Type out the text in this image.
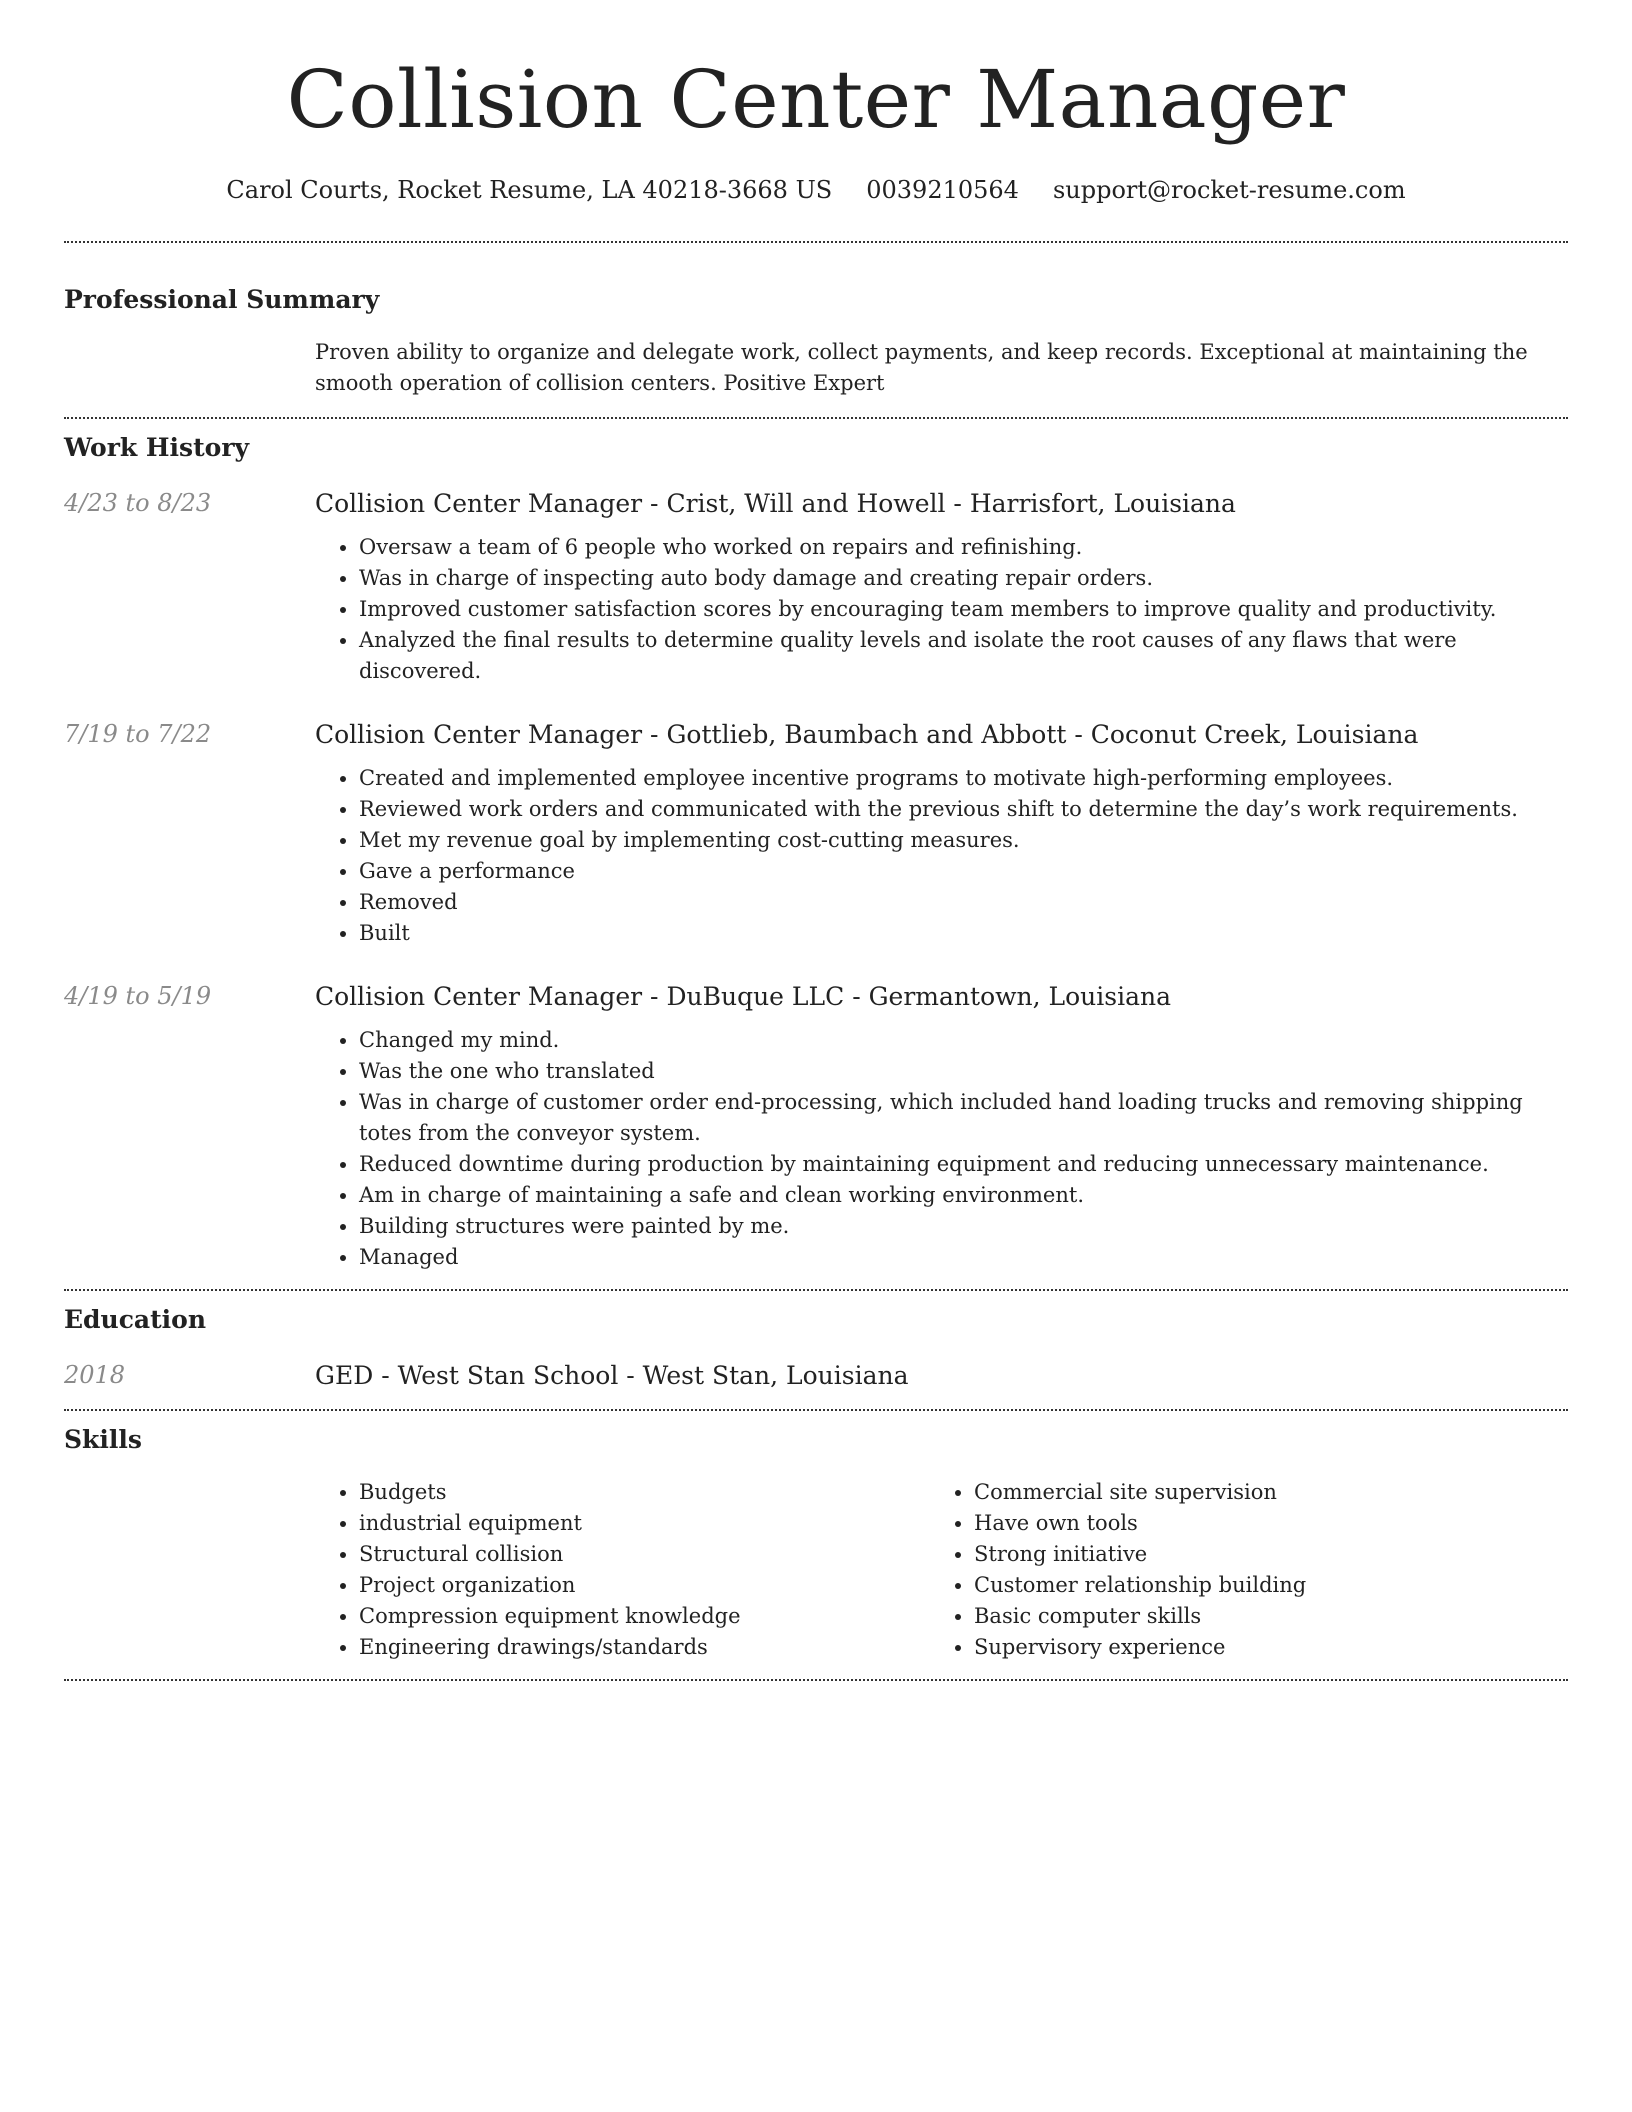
Collision Center Manager
Carol Courts, Rocket Resume, LA 40218-3668 US 0039210564 support@rocket-resume.com
Professional Summary
Proven ability to organize and delegate work, collect payments, and keep records. Exceptional at maintaining the smooth operation of collision centers. Positive Expert
Work History
4/23 to 8/23	Collision Center Manager - Crist, Will and Howell - Harrisfort, Louisiana
• Oversaw a team of 6 people who worked on repairs and refinishing.
• Was in charge of inspecting auto body damage and creating repair orders.
• Improved customer satisfaction scores by encouraging team members to improve quality and productivity.
• Analyzed the final results to determine quality levels and isolate the root causes of any flaws that were discovered.
7/19 to 7/22	Collision Center Manager - Gottlieb, Baumbach and Abbott - Coconut Creek, Louisiana
• Created and implemented employee incentive programs to motivate high-performing employees.
• Reviewed work orders and communicated with the previous shift to determine the day’s work requirements.
• Met my revenue goal by implementing cost-cutting measures.
• Gave a performance
• Removed
• Built
4/19 to 5/19	Collision Center Manager - DuBuque LLC - Germantown, Louisiana
• Changed my mind.
• Was the one who translated
• Was in charge of customer order end-processing, which included hand loading trucks and removing shipping totes from the conveyor system.
• Reduced downtime during production by maintaining equipment and reducing unnecessary maintenance.
• Am in charge of maintaining a safe and clean working environment.
• Building structures were painted by me.
• Managed
Education
2018	GED - West Stan School - West Stan, Louisiana
Skills
• Budgets
• industrial equipment
• Structural collision
• Project organization
• Compression equipment knowledge
• Engineering drawings/standards
• Commercial site supervision
• Have own tools
• Strong initiative
• Customer relationship building
• Basic computer skills
• Supervisory experience
